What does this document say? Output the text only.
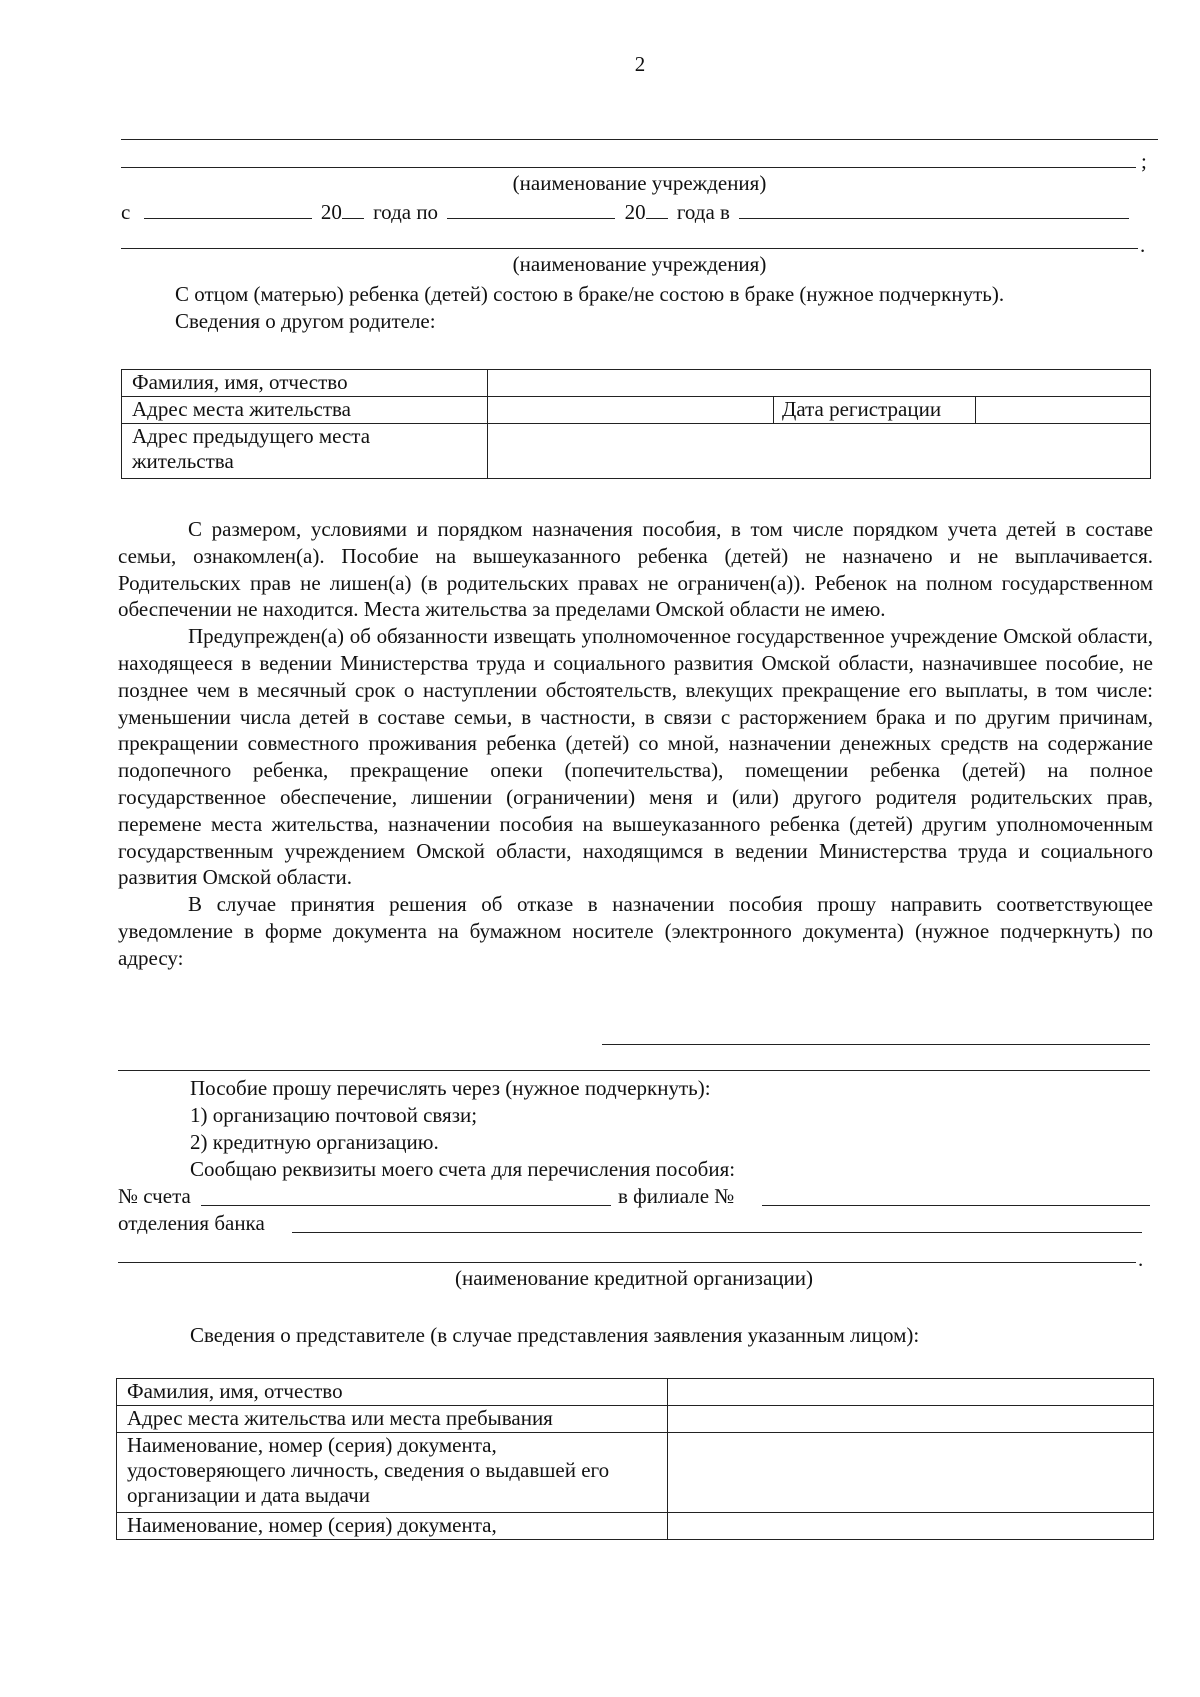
2
;
(наименование учреждения)
с	20 года по	20 года в
.
(наименование учреждения)
С отцом (матерью) ребенка (детей) состою в браке/не состою в браке (нужное подчеркнуть).
Сведения о другом родителе:
Фамилия, имя, отчество			
Адрес места жительства		Дата регистрации	
Адрес предыдущего места жительства			

С размером, условиями и порядком назначения пособия, в том числе порядком учета детей в составе семьи, ознакомлен(а). Пособие на вышеуказанного ребенка (детей) не назначено и не выплачивается. Родительских прав не лишен(а) (в родительских правах не ограничен(а)). Ребенок на полном государственном обеспечении не находится. Места жительства за пределами Омской области не имею.

Предупрежден(а) об обязанности извещать уполномоченное государственное учреждение Омской области, находящееся в ведении Министерства труда и социального развития Омской области, назначившее пособие, не позднее чем в месячный срок о наступлении обстоятельств, влекущих прекращение его выплаты, в том числе: уменьшении числа детей в составе семьи, в частности, в связи с расторжением брака и по другим причинам, прекращении совместного проживания ребенка (детей) со мной, назначении денежных средств на содержание подопечного ребенка, прекращение опеки (попечительства), помещении ребенка (детей) на полное государственное обеспечение, лишении (ограничении) меня и (или) другого родителя родительских прав, перемене места жительства, назначении пособия на вышеуказанного ребенка (детей) другим уполномоченным государственным учреждением Омской области, находящимся в ведении Министерства труда и социального развития Омской области.

В случае принятия решения об отказе в назначении пособия прошу направить соответствующее уведомление в форме документа на бумажном носителе (электронного документа) (нужное подчеркнуть) по адресу:

Пособие прошу перечислять через (нужное подчеркнуть):
1) организацию почтовой связи;
2) кредитную организацию.
Сообщаю реквизиты моего счета для перечисления пособия:
№ счета	в филиале №
отделения банка
.
(наименование кредитной организации)
Сведения о представителе (в случае представления заявления указанным лицом):
Фамилия, имя, отчество	
Адрес места жительства или места пребывания	
Наименование, номер (серия) документа, удостоверяющего личность, сведения о выдавшей его организации и дата выдачи	
Наименование, номер (серия) документа,	
